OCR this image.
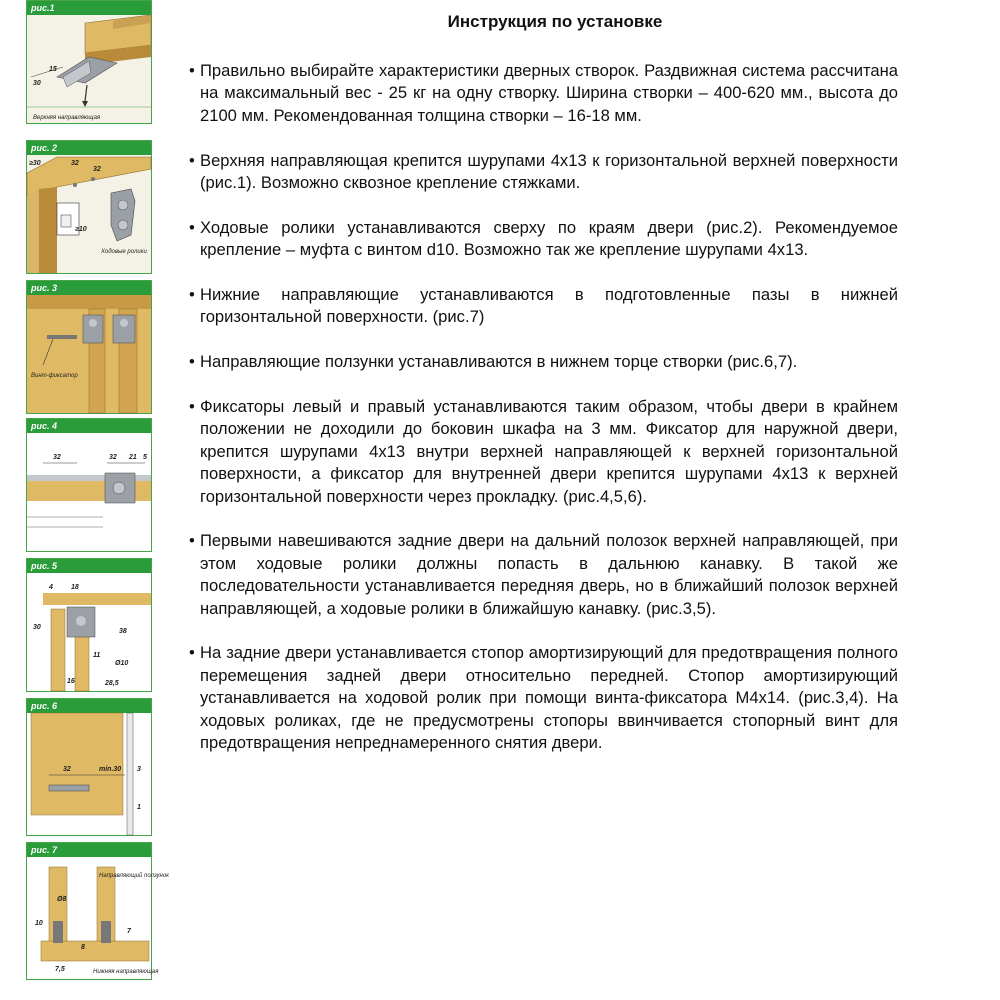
рис.1
30
15
Верхняя направляющая
рис. 2
≥30	32
≥10
32
Ходовые ролики
рис. 3
Винт-фиксатор
рис. 4
32	32 21 5
рис. 5
4	18
38
30
16
11
Ø10
28,5
рис. 6
32	min.30 3
1
рис. 7
Ø8
10
8
7
7,5
Направляющий ползунок
Нижняя направляющая
Инструкция по установке
• Правильно выбирайте характеристики дверных створок. Раздвижная система рассчитана на максимальный вес - 25 кг на одну створку. Ширина створки – 400-620 мм., высота до 2100 мм. Рекомендованная толщина створки – 16-18 мм.
• Верхняя направляющая крепится шурупами 4х13 к горизонтальной верхней поверхности (рис.1). Возможно сквозное крепление стяжками.
• Ходовые ролики устанавливаются сверху по краям двери (рис.2). Рекомендуемое крепление – муфта с винтом d10. Возможно так же крепление шурупами 4х13.
• Нижние направляющие устанавливаются в подготовленные пазы в нижней горизонтальной поверхности. (рис.7)
• Направляющие ползунки устанавливаются в нижнем торце створки (рис.6,7).
• Фиксаторы левый и правый устанавливаются таким образом, чтобы двери в крайнем положении не доходили до боковин шкафа на 3 мм. Фиксатор для наружной двери, крепится шурупами 4х13 внутри верхней направляющей к верхней горизонтальной поверхности, а фиксатор для внутренней двери крепится шурупами 4х13 к верхней горизонтальной поверхности через прокладку. (рис.4,5,6).
• Первыми навешиваются задние двери на дальний полозок верхней направляющей, при этом ходовые ролики должны попасть в дальнюю канавку. В такой же последовательности устанавливается передняя дверь, но в ближайший полозок верхней направляющей, а ходовые ролики в ближайшую канавку. (рис.3,5).
• На задние двери устанавливается стопор амортизирующий для предотвращения полного перемещения задней двери относительно передней. Стопор амортизирующий устанавливается на ходовой ролик при помощи винта-фиксатора М4х14. (рис.3,4). На ходовых роликах, где не предусмотрены стопоры ввинчивается стопорный винт для предотвращения непреднамеренного снятия двери.
